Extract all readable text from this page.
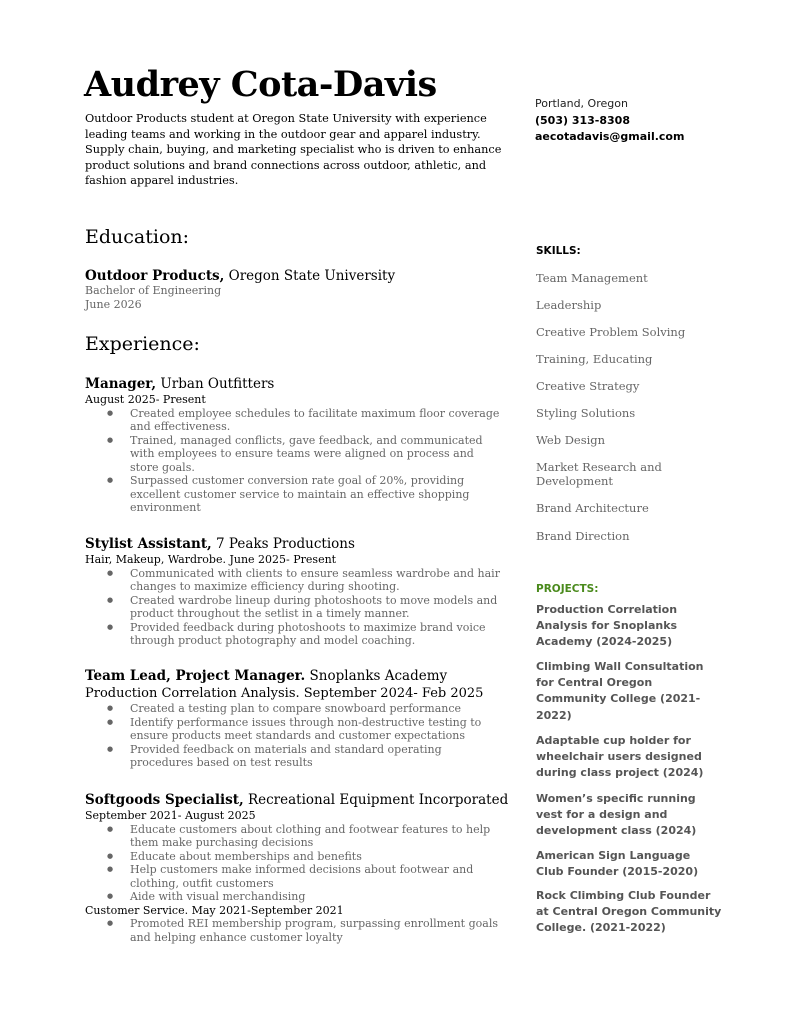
Audrey Cota-Davis

Outdoor Products student at Oregon State University with experience leading teams and working in the outdoor gear and apparel industry. Supply chain, buying, and marketing specialist who is driven to enhance product solutions and brand connections across outdoor, athletic, and fashion apparel industries.

Portland, Oregon
(503) 313-8308
aecotadavis@gmail.com
Education:
Outdoor Products, Oregon State University
Bachelor of Engineering
June 2026
Experience:
Manager, Urban Outfitters
August 2025- Present
● Created employee schedules to facilitate maximum floor coverage and effectiveness.
● Trained, managed conflicts, gave feedback, and communicated with employees to ensure teams were aligned on process and store goals.
● Surpassed customer conversion rate goal of 20%, providing excellent customer service to maintain an effective shopping environment
Stylist Assistant, 7 Peaks Productions
Hair, Makeup, Wardrobe. June 2025- Present
● Communicated with clients to ensure seamless wardrobe and hair changes to maximize efficiency during shooting.
● Created wardrobe lineup during photoshoots to move models and product throughout the setlist in a timely manner.
● Provided feedback during photoshoots to maximize brand voice through product photography and model coaching.
Team Lead, Project Manager. Snoplanks Academy
Production Correlation Analysis. September 2024- Feb 2025
● Created a testing plan to compare snowboard performance
● Identify performance issues through non-destructive testing to ensure products meet standards and customer expectations
● Provided feedback on materials and standard operating procedures based on test results
Softgoods Specialist, Recreational Equipment Incorporated
September 2021- August 2025
● Educate customers about clothing and footwear features to help them make purchasing decisions
● Educate about memberships and benefits
● Help customers make informed decisions about footwear and clothing, outfit customers
● Aide with visual merchandising
Customer Service. May 2021-September 2021
● Promoted REI membership program, surpassing enrollment goals and helping enhance customer loyalty
SKILLS:
Team Management
Leadership
Creative Problem Solving
Training, Educating
Creative Strategy
Styling Solutions
Web Design
Market Research and Development
Brand Architecture
Brand Direction
PROJECTS:
Production Correlation Analysis for Snoplanks Academy (2024-2025)
Climbing Wall Consultation for Central Oregon Community College (2021-2022)
Adaptable cup holder for wheelchair users designed during class project (2024)
Women’s specific running vest for a design and development class (2024)
American Sign Language Club Founder (2015-2020)
Rock Climbing Club Founder at Central Oregon Community College. (2021-2022)
